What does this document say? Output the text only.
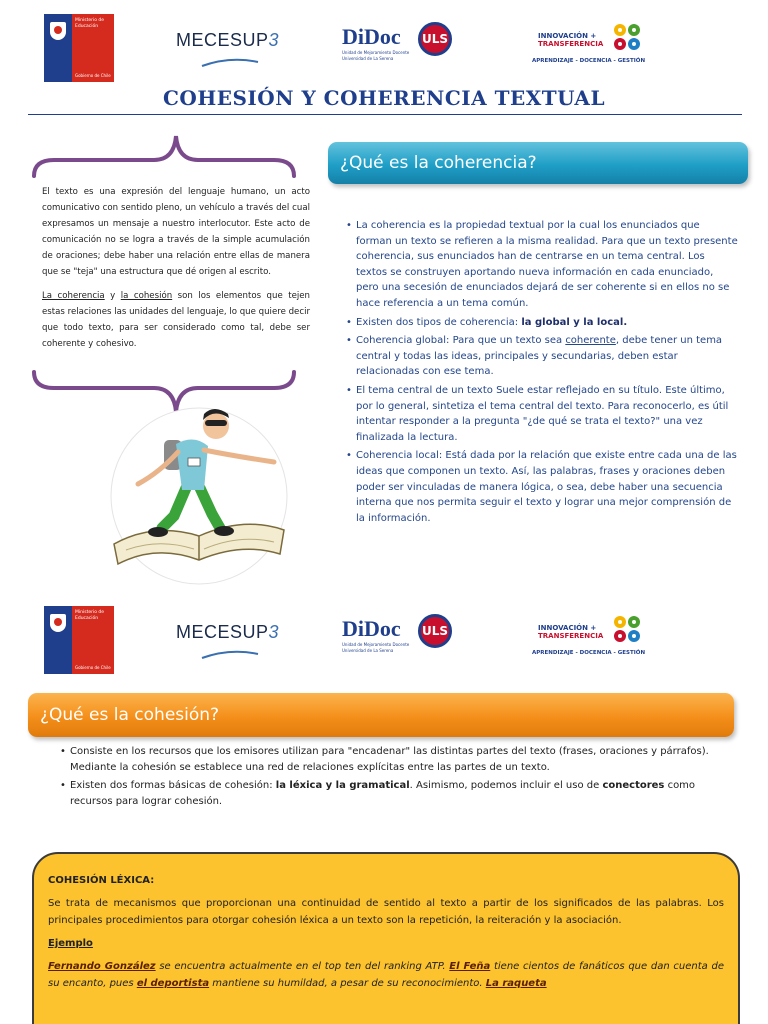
Ministerio de
Educación
Gobierno de Chile
MECESUP3	DiDoc	ULS
Unidad de Mejoramiento Docente
Universidad de La Serena
INNOVACIÓN +
TRANSFERENCIA
APRENDIZAJE - DOCENCIA - GESTIÓN
COHESIÓN Y COHERENCIA TEXTUAL

El texto es una expresión del lenguaje humano, un acto comunicativo con sentido pleno, un vehículo a través del cual expresamos un mensaje a nuestro interlocutor. Este acto de comunicación no se logra a través de la simple acumulación de oraciones; debe haber una relación entre ellas de manera que se "teja" una estructura que dé origen al escrito.

La coherencia y la cohesión son los elementos que tejen estas relaciones las unidades del lenguaje, lo que quiere decir que todo texto, para ser considerado como tal, debe ser coherente y cohesivo.

¿Qué es la coherencia?
• La coherencia es la propiedad textual por la cual los enunciados que forman un texto se refieren a la misma realidad. Para que un texto presente coherencia, sus enunciados han de centrarse en un tema central. Los textos se construyen aportando nueva información en cada enunciado, pero una secesión de enunciados dejará de ser coherente si en ellos no se hace referencia a un tema común.
• Existen dos tipos de coherencia: la global y la local.
• Coherencia global: Para que un texto sea coherente, debe tener un tema central y todas las ideas, principales y secundarias, deben estar relacionadas con ese tema.
• El tema central de un texto Suele estar reflejado en su título. Este último, por lo general, sintetiza el tema central del texto. Para reconocerlo, es útil intentar responder a la pregunta "¿de qué se trata el texto?" una vez finalizada la lectura.
• Coherencia local: Está dada por la relación que existe entre cada una de las ideas que componen un texto. Así, las palabras, frases y oraciones deben poder ser vinculadas de manera lógica, o sea, debe haber una secuencia interna que nos permita seguir el texto y lograr una mejor comprensión de la información.
Ministerio de
Educación
Gobierno de Chile
MECESUP3	DiDoc	ULS
Unidad de Mejoramiento Docente
Universidad de La Serena
INNOVACIÓN +
TRANSFERENCIA
APRENDIZAJE - DOCENCIA - GESTIÓN
¿Qué es la cohesión?
• Consiste en los recursos que los emisores utilizan para "encadenar" las distintas partes del texto (frases, oraciones y párrafos). Mediante la cohesión se establece una red de relaciones explícitas entre las partes de un texto.
• Existen dos formas básicas de cohesión: la léxica y la gramatical. Asimismo, podemos incluir el uso de conectores como recursos para lograr cohesión.
COHESIÓN LÉXICA:
Se trata de mecanismos que proporcionan una continuidad de sentido al texto a partir de los significados de las palabras. Los principales procedimientos para otorgar cohesión léxica a un texto son la repetición, la reiteración y la asociación.
Ejemplo
Fernando González se encuentra actualmente en el top ten del ranking ATP. El Feña tiene cientos de fanáticos que dan cuenta de su encanto, pues el deportista mantiene su humildad, a pesar de su reconocimiento. La raqueta
